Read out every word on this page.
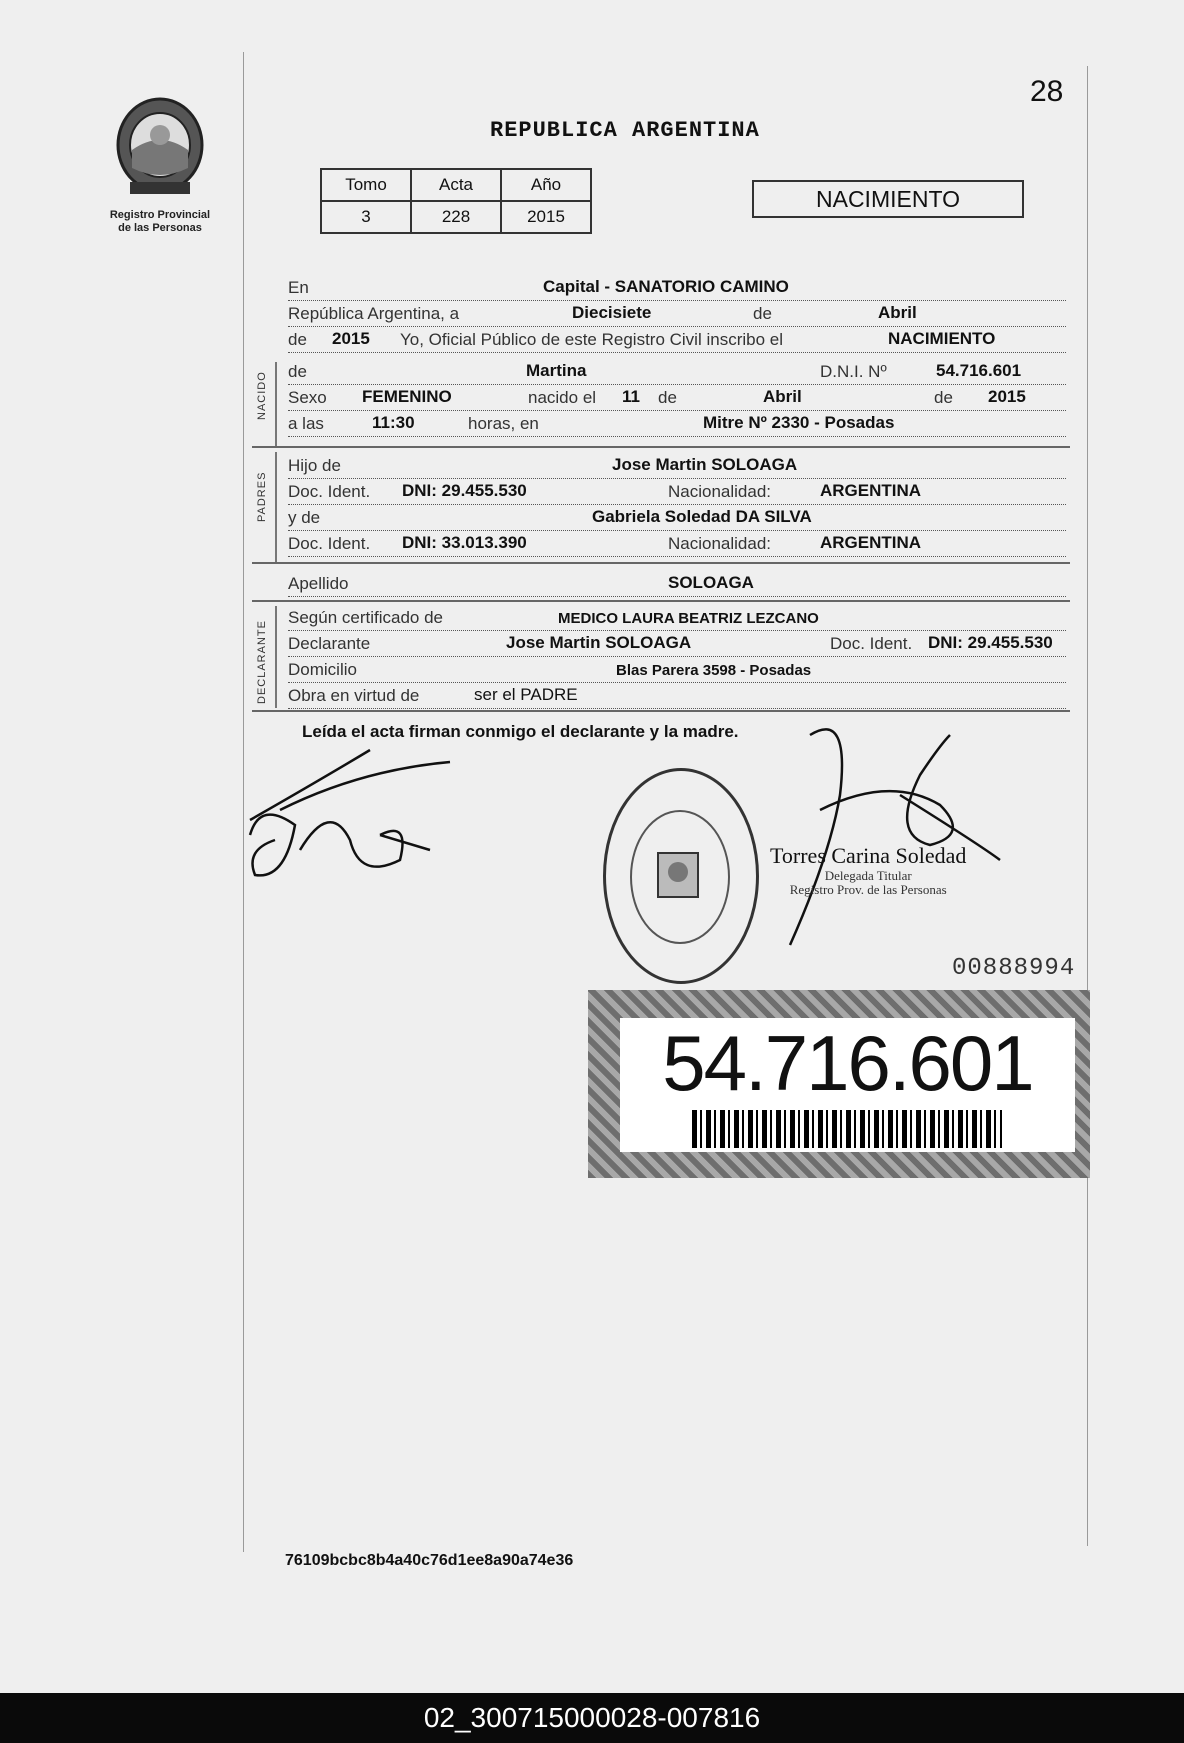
Registro Provincial
de las Personas
28
REPUBLICA ARGENTINA
Tomo	Acta	Año
3	228	2015
NACIMIENTO
En	Capital - SANATORIO CAMINO
República Argentina, a	Diecisiete	de	Abril
de 2015 Yo, Oficial Público de este Registro Civil inscribo el	NACIMIENTO
NACIDO de	Martina	D.N.I. Nº	54.716.601
Sexo FEMENINO	nacido el 11 de	Abril	de 2015
a las	11:30	horas, en	Mitre Nº 2330 - Posadas
PADRES
Hijo de	Jose Martin SOLOAGA
Doc. Ident. DNI: 29.455.530	Nacionalidad:	ARGENTINA
y de	Gabriela Soledad DA SILVA
Doc. Ident. DNI: 33.013.390	Nacionalidad:	ARGENTINA
Apellido	SOLOAGA
DECLARANTE
Según certificado de	MEDICO LAURA BEATRIZ LEZCANO
Declarante	Jose Martin SOLOAGA	Doc. Ident. DNI: 29.455.530
Domicilio	Blas Parera 3598 - Posadas
Obra en virtud de	ser el PADRE
Leída el acta firman conmigo el declarante y la madre.
Torres Carina Soledad
Delegada Titular
Registro Prov. de las Personas
00888994
54.716.601
76109bcbc8b4a40c76d1ee8a90a74e36
02_300715000028-007816
